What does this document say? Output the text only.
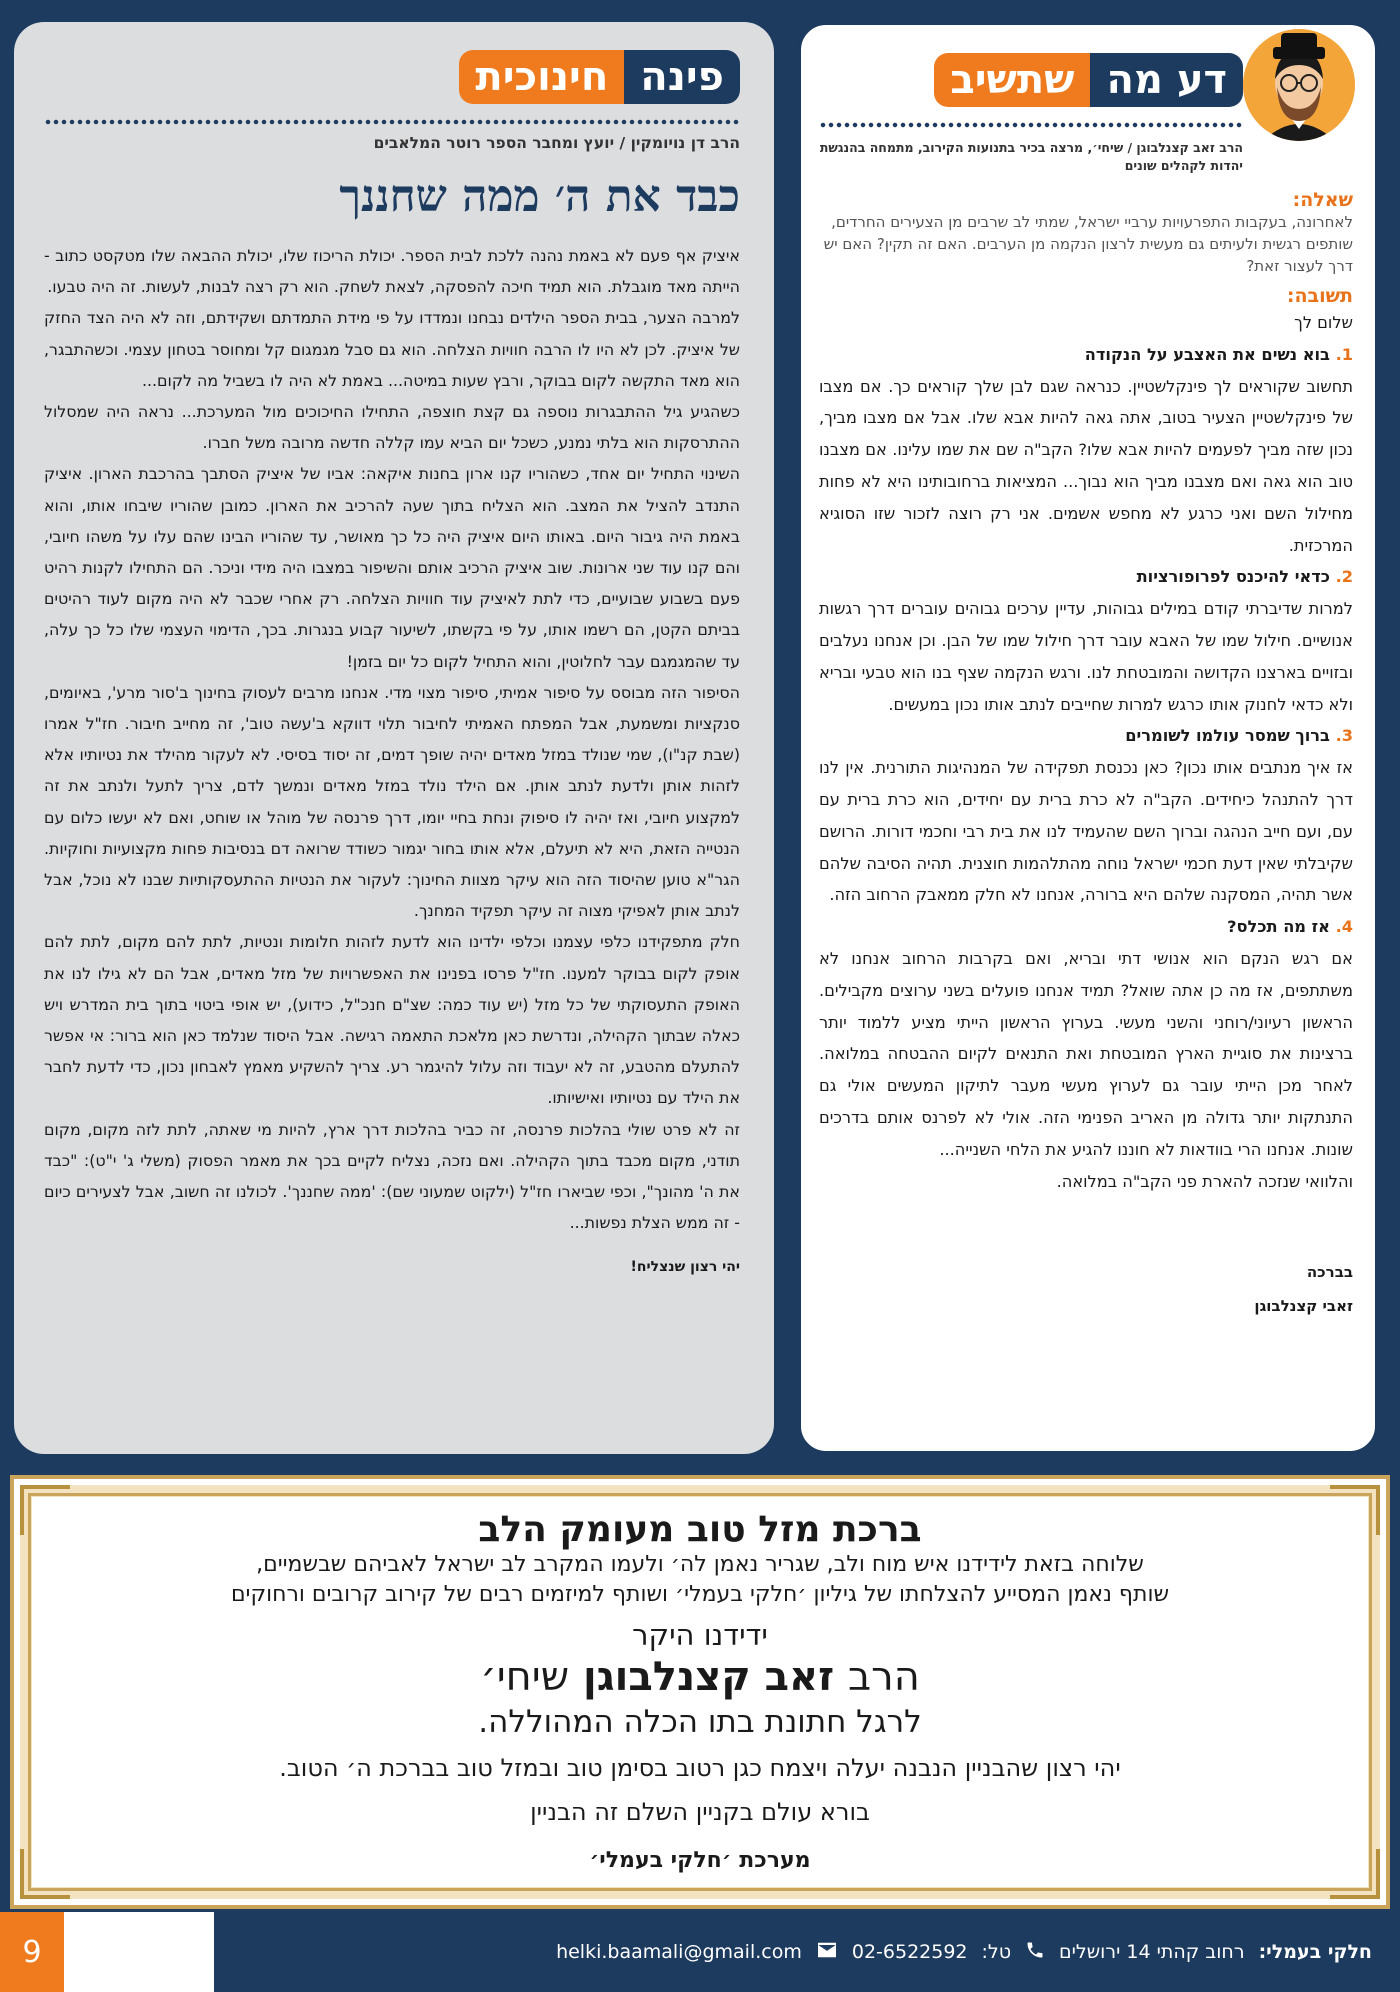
שתשיב דע מה
הרב זאב קצנלבוגן / שיחי׳, מרצה בכיר בתנועות הקירוב, מתמחה בהנגשת יהדות לקהלים שונים
שאלה:
לאחרונה, בעקבות התפרעויות ערביי ישראל, שמתי לב שרבים מן הצעירים החרדים, שותפים רגשית ולעיתים גם מעשית לרצון הנקמה מן הערבים. האם זה תקין? האם יש דרך לעצור זאת?
תשובה:

שלום לך

1. בוא נשים את האצבע על הנקודה

תחשוב שקוראים לך פינקלשטיין. כנראה שגם לבן שלך קוראים כך. אם מצבו של פינקלשטיין הצעיר בטוב, אתה גאה להיות אבא שלו. אבל אם מצבו מביך, נכון שזה מביך לפעמים להיות אבא שלו? הקב"ה שם את שמו עלינו. אם מצבנו טוב הוא גאה ואם מצבנו מביך הוא נבוך... המציאות ברחובותינו היא לא פחות מחילול השם ואני כרגע לא מחפש אשמים. אני רק רוצה לזכור שזו הסוגיא המרכזית.

2. כדאי להיכנס לפרופורציות

למרות שדיברתי קודם במילים גבוהות, עדיין ערכים גבוהים עוברים דרך רגשות אנושיים. חילול שמו של האבא עובר דרך חילול שמו של הבן. וכן אנחנו נעלבים ובזויים בארצנו הקדושה והמובטחת לנו. ורגש הנקמה שצף בנו הוא טבעי ובריא ולא כדאי לחנוק אותו כרגש למרות שחייבים לנתב אותו נכון במעשים.

3. ברוך שמסר עולמו לשומרים

אז איך מנתבים אותו נכון? כאן נכנסת תפקידה של המנהיגות התורנית. אין לנו דרך להתנהל כיחידים. הקב"ה לא כרת ברית עם יחידים, הוא כרת ברית עם עם, ועם חייב הנהגה וברוך השם שהעמיד לנו את בית רבי וחכמי דורות. הרושם שקיבלתי שאין דעת חכמי ישראל נוחה מהתלהמות חוצנית. תהיה הסיבה שלהם אשר תהיה, המסקנה שלהם היא ברורה, אנחנו לא חלק ממאבק הרחוב הזה.

4. אז מה תכלס?

אם רגש הנקם הוא אנושי דתי ובריא, ואם בקרבות הרחוב אנחנו לא משתתפים, אז מה כן אתה שואל? תמיד אנחנו פועלים בשני ערוצים מקבילים. הראשון רעיוני/רוחני והשני מעשי. בערוץ הראשון הייתי מציע ללמוד יותר ברצינות את סוגיית הארץ המובטחת ואת התנאים לקיום ההבטחה במלואה. לאחר מכן הייתי עובר גם לערוץ מעשי מעבר לתיקון המעשים אולי גם התנתקות יותר גדולה מן האריב הפנימי הזה. אולי לא לפרנס אותם בדרכים שונות. אנחנו הרי בוודאות לא חוננו להגיע את הלחי השנייה...

והלוואי שנזכה להארת פני הקב"ה במלואה.

בברכה
זאבי קצנלבוגן
חינוכית פינה
הרב דן נויומקין / יועץ ומחבר הספר רוטר המלאבים
כבד את ה׳ ממה שחננך

איציק אף פעם לא באמת נהנה ללכת לבית הספר. יכולת הריכוז שלו, יכולת ההבאה שלו מטקסט כתוב - הייתה מאד מוגבלת. הוא תמיד חיכה להפסקה, לצאת לשחק. הוא רק רצה לבנות, לעשות. זה היה טבעו.

למרבה הצער, בבית הספר הילדים נבחנו ונמדדו על פי מידת התמדתם ושקידתם, וזה לא היה הצד החזק של איציק. לכן לא היו לו הרבה חוויות הצלחה. הוא גם סבל מגמגום קל ומחוסר בטחון עצמי. וכשהתבגר, הוא מאד התקשה לקום בבוקר, ורבץ שעות במיטה... באמת לא היה לו בשביל מה לקום...

כשהגיע גיל ההתבגרות נוספה גם קצת חוצפה, התחילו החיכוכים מול המערכת... נראה היה שמסלול ההתרסקות הוא בלתי נמנע, כשכל יום הביא עמו קללה חדשה מרובה משל חברו.

השינוי התחיל יום אחד, כשהוריו קנו ארון בחנות איקאה: אביו של איציק הסתבך בהרכבת הארון. איציק התנדב להציל את המצב. הוא הצליח בתוך שעה להרכיב את הארון. כמובן שהוריו שיבחו אותו, והוא באמת היה גיבור היום. באותו היום איציק היה כל כך מאושר, עד שהוריו הבינו שהם עלו על משהו חיובי, והם קנו עוד שני ארונות. שוב איציק הרכיב אותם והשיפור במצבו היה מידי וניכר. הם התחילו לקנות רהיט פעם בשבוע שבועיים, כדי לתת לאיציק עוד חוויות הצלחה. רק אחרי שכבר לא היה מקום לעוד רהיטים בביתם הקטן, הם רשמו אותו, על פי בקשתו, לשיעור קבוע בנגרות. בכך, הדימוי העצמי שלו כל כך עלה, עד שהמגמגם עבר לחלוטין, והוא התחיל לקום כל יום בזמן!

הסיפור הזה מבוסס על סיפור אמיתי, סיפור מצוי מדי. אנחנו מרבים לעסוק בחינוך ב'סור מרע', באיומים, סנקציות ומשמעת, אבל המפתח האמיתי לחיבור תלוי דווקא ב'עשה טוב', זה מחייב חיבור. חז"ל אמרו (שבת קנ"ו), שמי שנולד במזל מאדים יהיה שופך דמים, זה יסוד בסיסי. לא לעקור מהילד את נטיותיו אלא לזהות אותן ולדעת לנתב אותן. אם הילד נולד במזל מאדים ונמשך לדם, צריך לתעל ולנתב את זה למקצוע חיובי, ואז יהיה לו סיפוק ונחת בחיי יומו, דרך פרנסה של מוהל או שוחט, ואם לא יעשו כלום עם הנטייה הזאת, היא לא תיעלם, אלא אותו בחור יגמור כשודד שרואה דם בנסיבות פחות מקצועיות וחוקיות. הגר"א טוען שהיסוד הזה הוא עיקר מצוות החינוך: לעקור את הנטיות ההתעסקותיות שבנו לא נוכל, אבל לנתב אותן לאפיקי מצוה זה עיקר תפקיד המחנך.

חלק מתפקידנו כלפי עצמנו וכלפי ילדינו הוא לדעת לזהות חלומות ונטיות, לתת להם מקום, לתת להם אופק לקום בבוקר למענו. חז"ל פרסו בפנינו את האפשרויות של מזל מאדים, אבל הם לא גילו לנו את האופק התעסוקתי של כל מזל (יש עוד כמה: שצ"ם חנכ"ל, כידוע), יש אופי ביטוי בתוך בית המדרש ויש כאלה שבתוך הקהילה, ונדרשת כאן מלאכת התאמה רגישה. אבל היסוד שנלמד כאן הוא ברור: אי אפשר להתעלם מהטבע, זה לא יעבוד וזה עלול להיגמר רע. צריך להשקיע מאמץ לאבחון נכון, כדי לדעת לחבר את הילד עם נטיותיו ואישיותו.

זה לא פרט שולי בהלכות פרנסה, זה כביר בהלכות דרך ארץ, להיות מי שאתה, לתת לזה מקום, מקום תודני, מקום מכבד בתוך הקהילה. ואם נזכה, נצליח לקיים בכך את מאמר הפסוק (משלי ג' י"ט): "כבד את ה' מהונך", וכפי שביארו חז"ל (ילקוט שמעוני שם): 'ממה שחננך'. לכולנו זה חשוב, אבל לצעירים כיום - זה ממש הצלת נפשות...

יהי רצון שנצליח!
ברכת מזל טוב מעומק הלב
שלוחה בזאת לידידנו איש מוח ולב, שגריר נאמן לה׳ ולעמו המקרב לב ישראל לאביהם שבשמיים,
שותף נאמן המסייע להצלחתו של גיליון ׳חלקי בעמלי׳ ושותף למיזמים רבים של קירוב קרובים ורחוקים
ידידנו היקר
הרב זאב קצנלבוגן שיחי׳
לרגל חתונת בתו הכלה המהוללה.
יהי רצון שהבניין הנבנה יעלה ויצמח כגן רטוב בסימן טוב ובמזל טוב בברכת ה׳ הטוב.
בורא עולם בקניין השלם זה הבניין
מערכת ׳חלקי בעמלי׳
9	חלקי בעמלי:
רחוב קהתי 14 ירושלים
טל:
02-6522592
helki.baamali@gmail.com
